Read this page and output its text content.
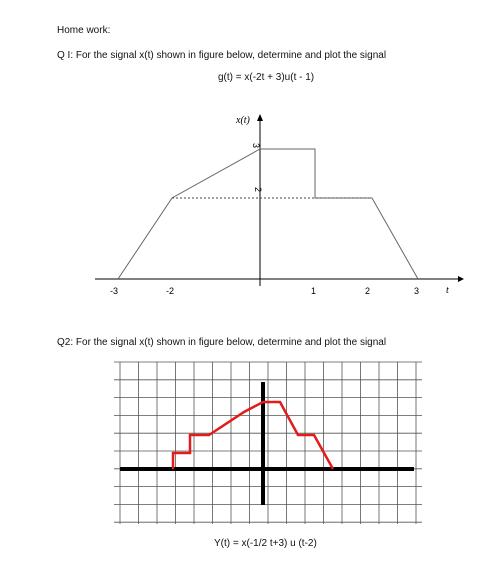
Home work:
Q I: For the signal x(t) shown in figure below, determine and plot the signal
g(t) = x(-2t + 3)u(t - 1)
x(t)
t
-3	-2	1	2	3
3
2
Q2: For the signal x(t) shown in figure below, determine and plot the signal
Y(t) = x(-1/2 t+3) u (t-2)
